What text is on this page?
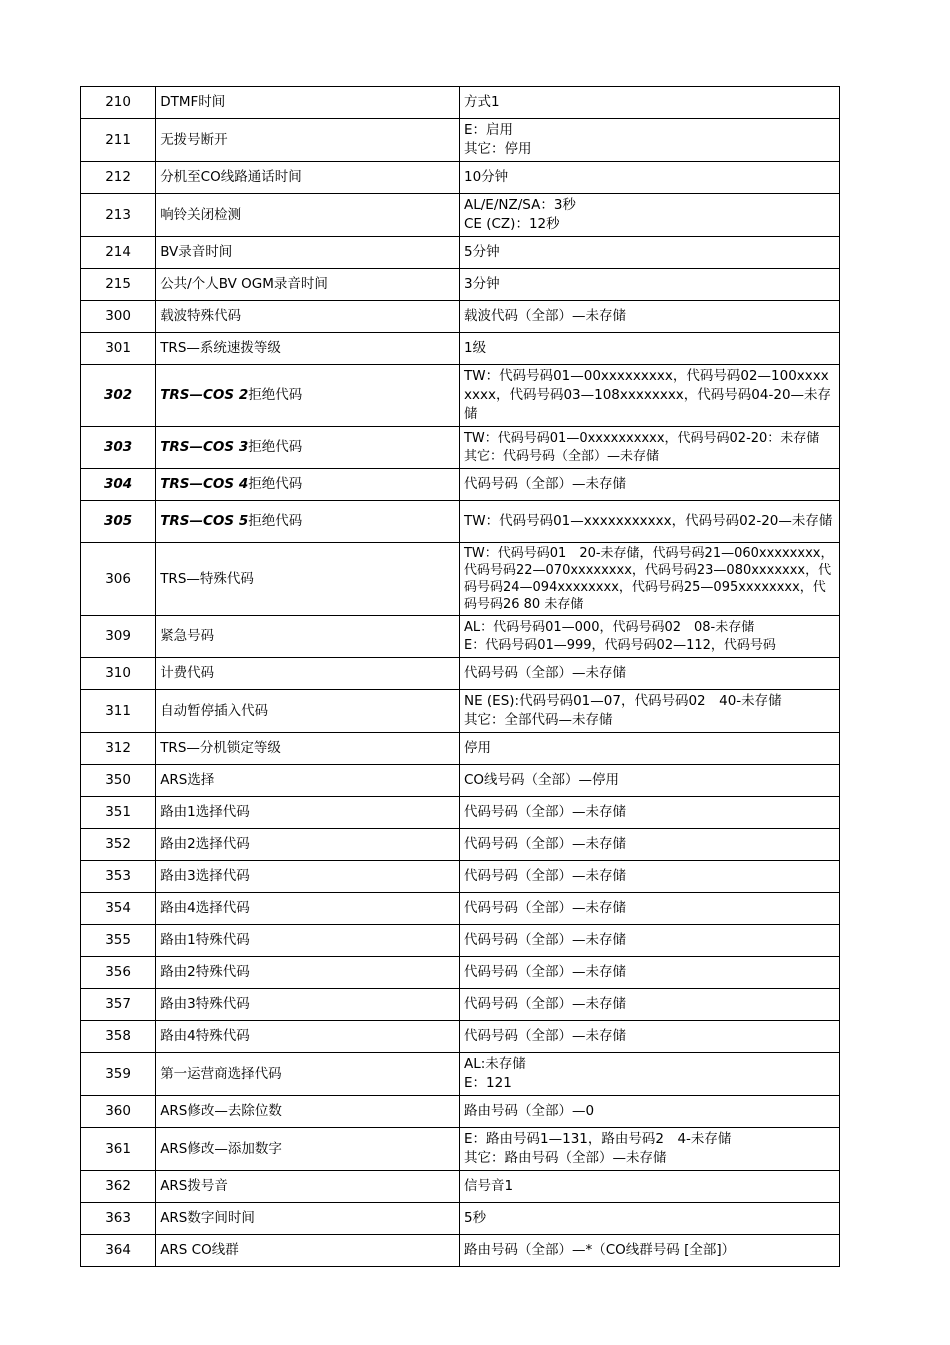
210	DTMF时间	方式1

211	无拨号断开	E：启用
其它：停用

212	分机至CO线路通话时间	10分钟

213	响铃关闭检测	AL/E/NZ/SA：3秒
CE (CZ)：12秒

214	BV录音时间	5分钟

215	公共/个人BV OGM录音时间	3分钟

300	载波特殊代码	载波代码（全部）—未存储

301	TRS—系统速拨等级	1级

302	TRS—COS 2拒绝代码	TW：代码号码01—00xxxxxxxxx，代码号码02—100xxxxxxxx，代码号码03—108xxxxxxxx，代码号码04-20—未存储

303	TRS—COS 3拒绝代码	TW：代码号码01—0xxxxxxxxxx，代码号码02-20：未存储
其它：代码号码（全部）—未存储

304	TRS—COS 4拒绝代码	代码号码（全部）—未存储

305	TRS—COS 5拒绝代码	TW：代码号码01—xxxxxxxxxxx，代码号码02-20—未存储

306	TRS—特殊代码	TW：代码号码01　20-未存储，代码号码21—060xxxxxxxx，代码号码22—070xxxxxxxx，代码号码23—080xxxxxxx，代码号码24—094xxxxxxxx，代码号码25—095xxxxxxxx，代码号码26 80 未存储

309	紧急号码	AL：代码号码01—000，代码号码02　08-未存储
E：代码号码01—999，代码号码02—112，代码号码

310	计费代码	代码号码（全部）—未存储

311	自动暂停插入代码	NE (ES):代码号码01—07，代码号码02　40-未存储
其它：全部代码—未存储

312	TRS—分机锁定等级	停用

350	ARS选择	CO线号码（全部）—停用

351	路由1选择代码	代码号码（全部）—未存储

352	路由2选择代码	代码号码（全部）—未存储

353	路由3选择代码	代码号码（全部）—未存储

354	路由4选择代码	代码号码（全部）—未存储

355	路由1特殊代码	代码号码（全部）—未存储

356	路由2特殊代码	代码号码（全部）—未存储

357	路由3特殊代码	代码号码（全部）—未存储

358	路由4特殊代码	代码号码（全部）—未存储

359	第一运营商选择代码	AL:未存储
E：121

360	ARS修改—去除位数	路由号码（全部）—0

361	ARS修改—添加数字	E：路由号码1—131，路由号码2　4-未存储
其它：路由号码（全部）—未存储

362	ARS拨号音	信号音1

363	ARS数字间时间	5秒

364	ARS CO线群	路由号码（全部）—*（CO线群号码 [全部]）
